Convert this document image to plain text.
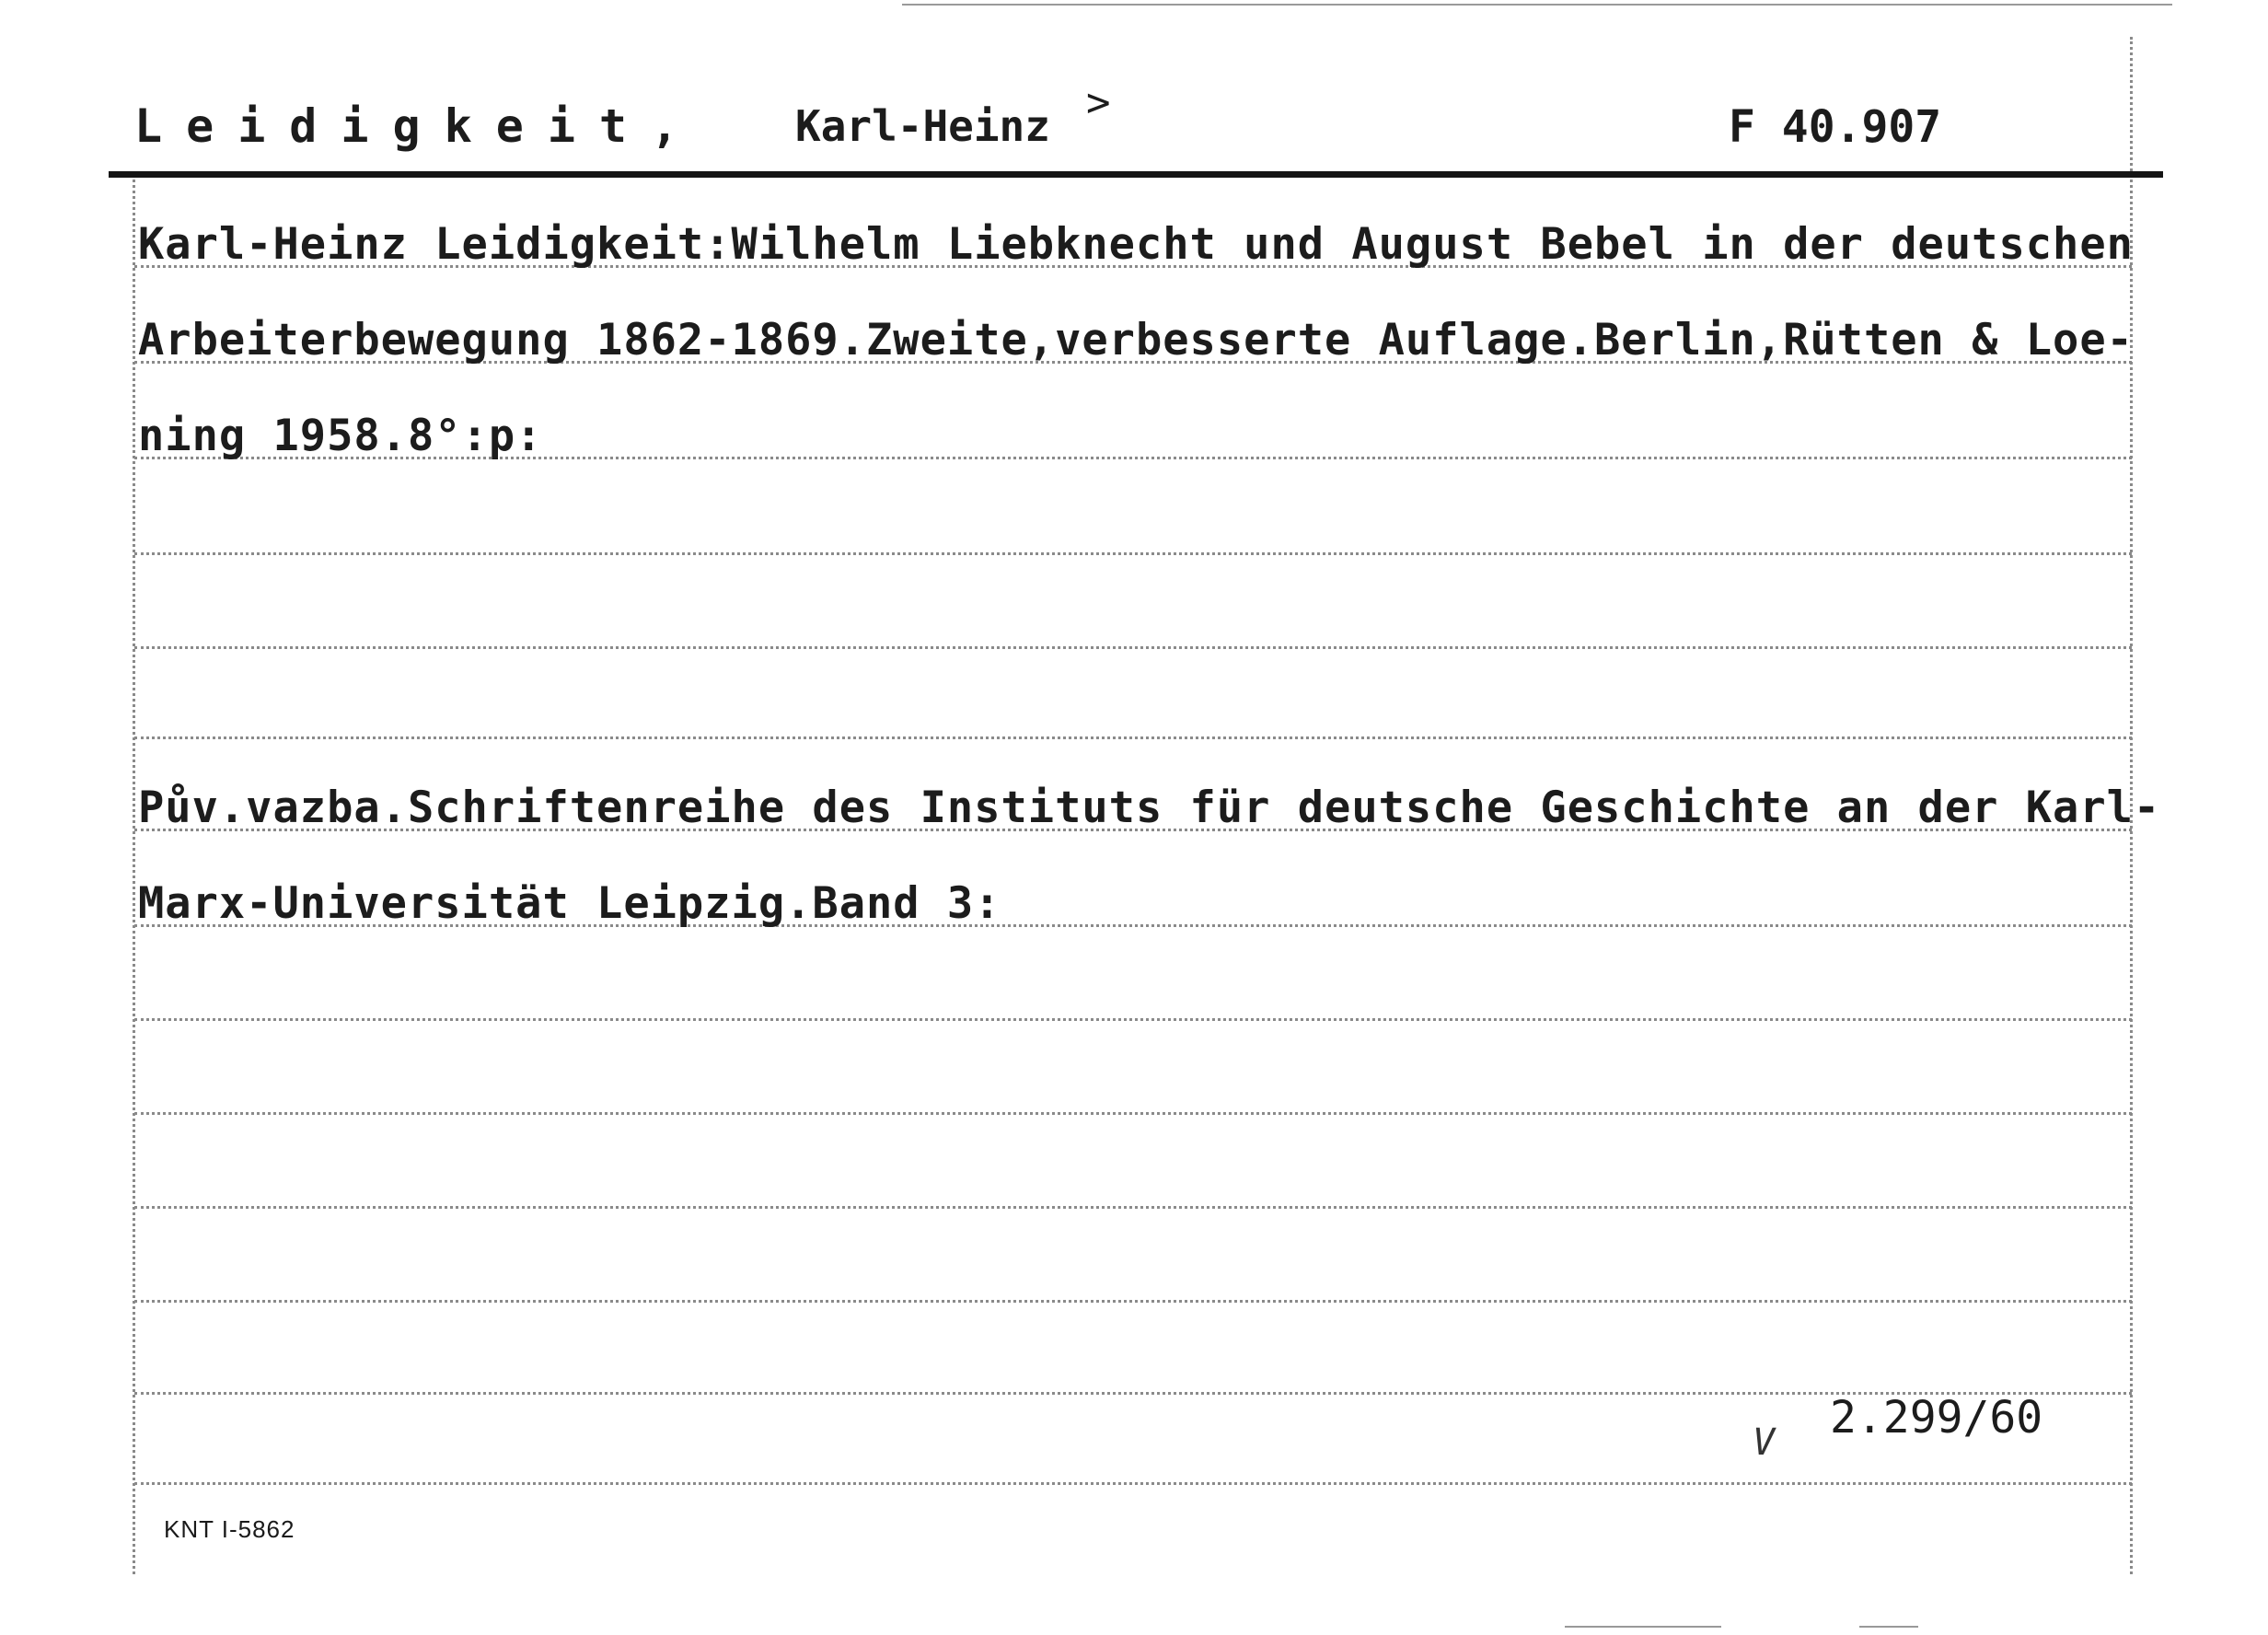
Leidigkeit, Karl-Heinz >	F 40.907
Karl-Heinz Leidigkeit:Wilhelm Liebknecht und August Bebel in der deutschen
Arbeiterbewegung 1862-1869.Zweite,verbesserte Auflage.Berlin,Rütten & Loe-
ning 1958.8°:p:
Pův.vazba.Schriftenreihe des Instituts für deutsche Geschichte an der Karl-
Marx-Universität Leipzig.Band 3:
2.299/60
V
KNT I-5862
